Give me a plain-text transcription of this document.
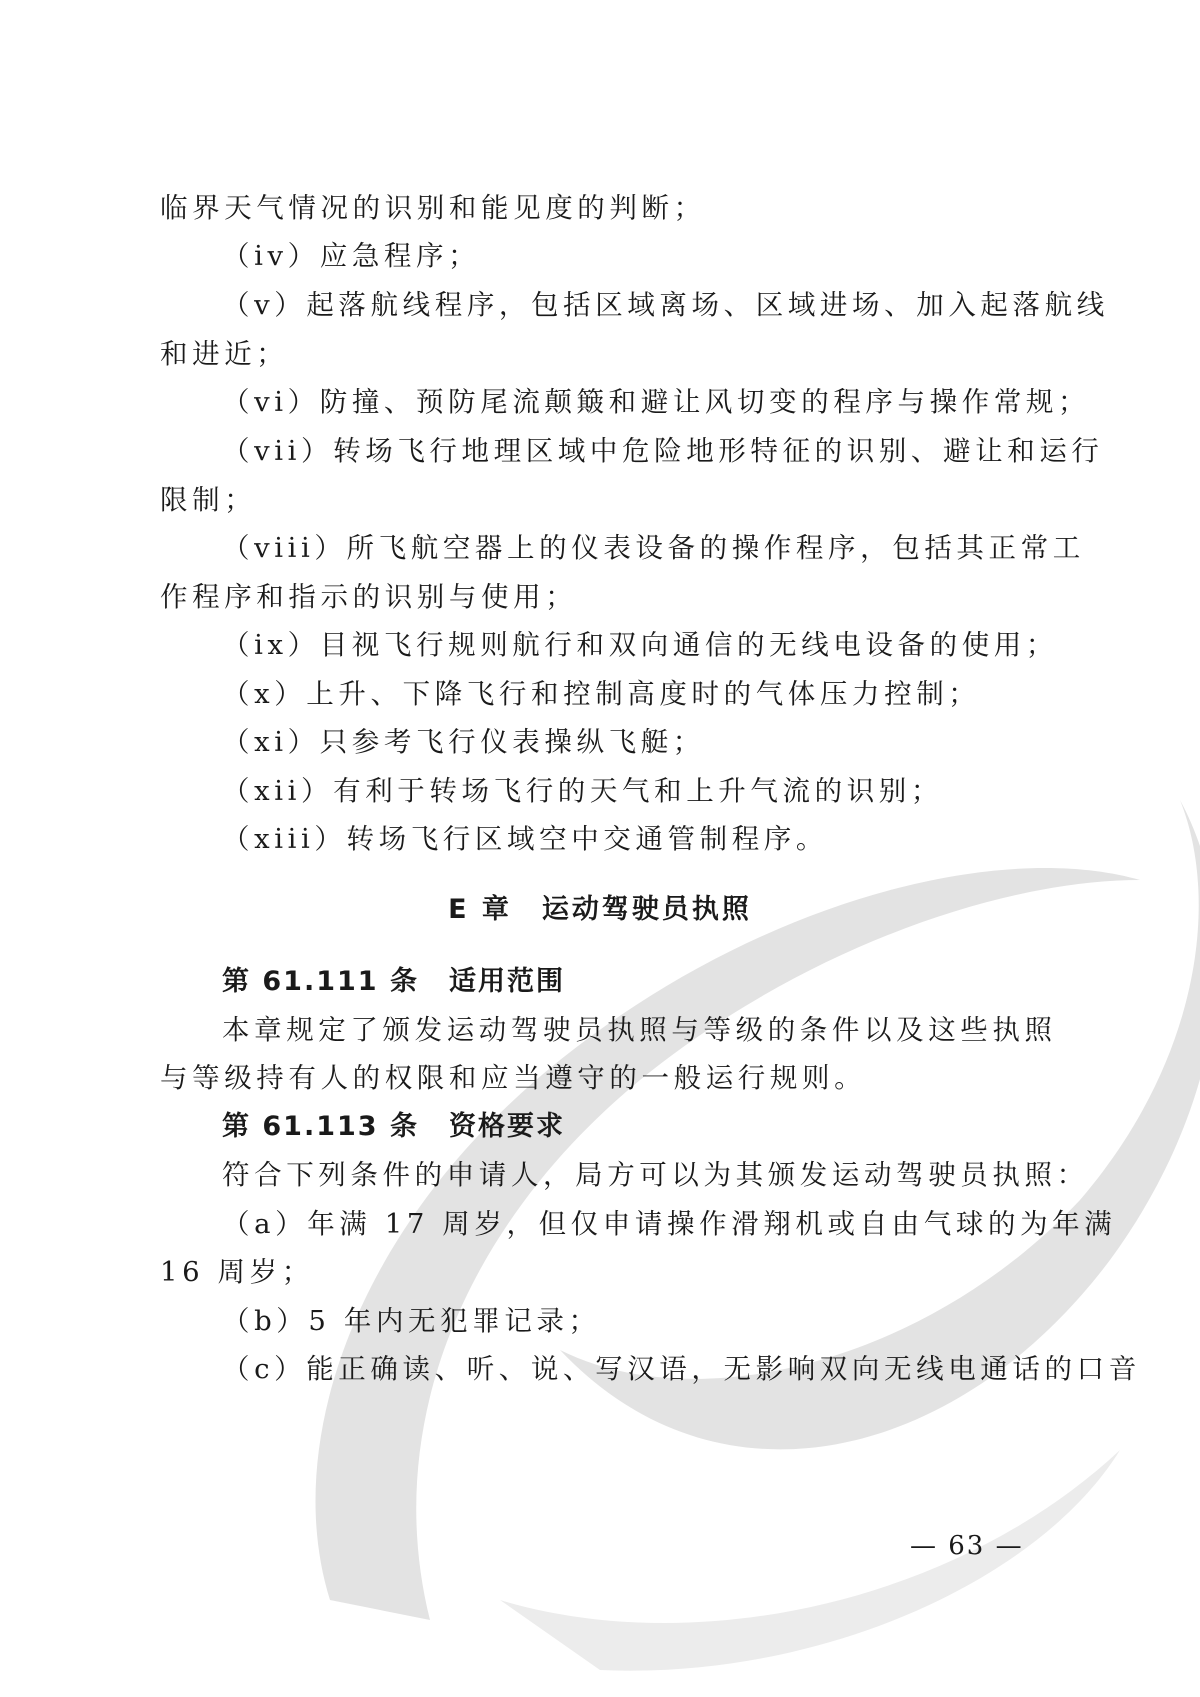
临界天气情况的识别和能见度的判断；
（iv）应急程序；
（v）起落航线程序，包括区域离场、区域进场、加入起落航线
和进近；
（vi）防撞、预防尾流颠簸和避让风切变的程序与操作常规；
（vii）转场飞行地理区域中危险地形特征的识别、避让和运行
限制；
（viii）所飞航空器上的仪表设备的操作程序，包括其正常工
作程序和指示的识别与使用；
（ix）目视飞行规则航行和双向通信的无线电设备的使用；
（x）上升、下降飞行和控制高度时的气体压力控制；
（xi）只参考飞行仪表操纵飞艇；
（xii）有利于转场飞行的天气和上升气流的识别；
（xiii）转场飞行区域空中交通管制程序。
E 章 运动驾驶员执照
第 61.111 条 适用范围
本章规定了颁发运动驾驶员执照与等级的条件以及这些执照
与等级持有人的权限和应当遵守的一般运行规则。
第 61.113 条 资格要求
符合下列条件的申请人，局方可以为其颁发运动驾驶员执照：
（a）年满 17 周岁，但仅申请操作滑翔机或自由气球的为年满
16 周岁；
（b）5 年内无犯罪记录；
（c）能正确读、听、说、写汉语，无影响双向无线电通话的口音
— 63 —
